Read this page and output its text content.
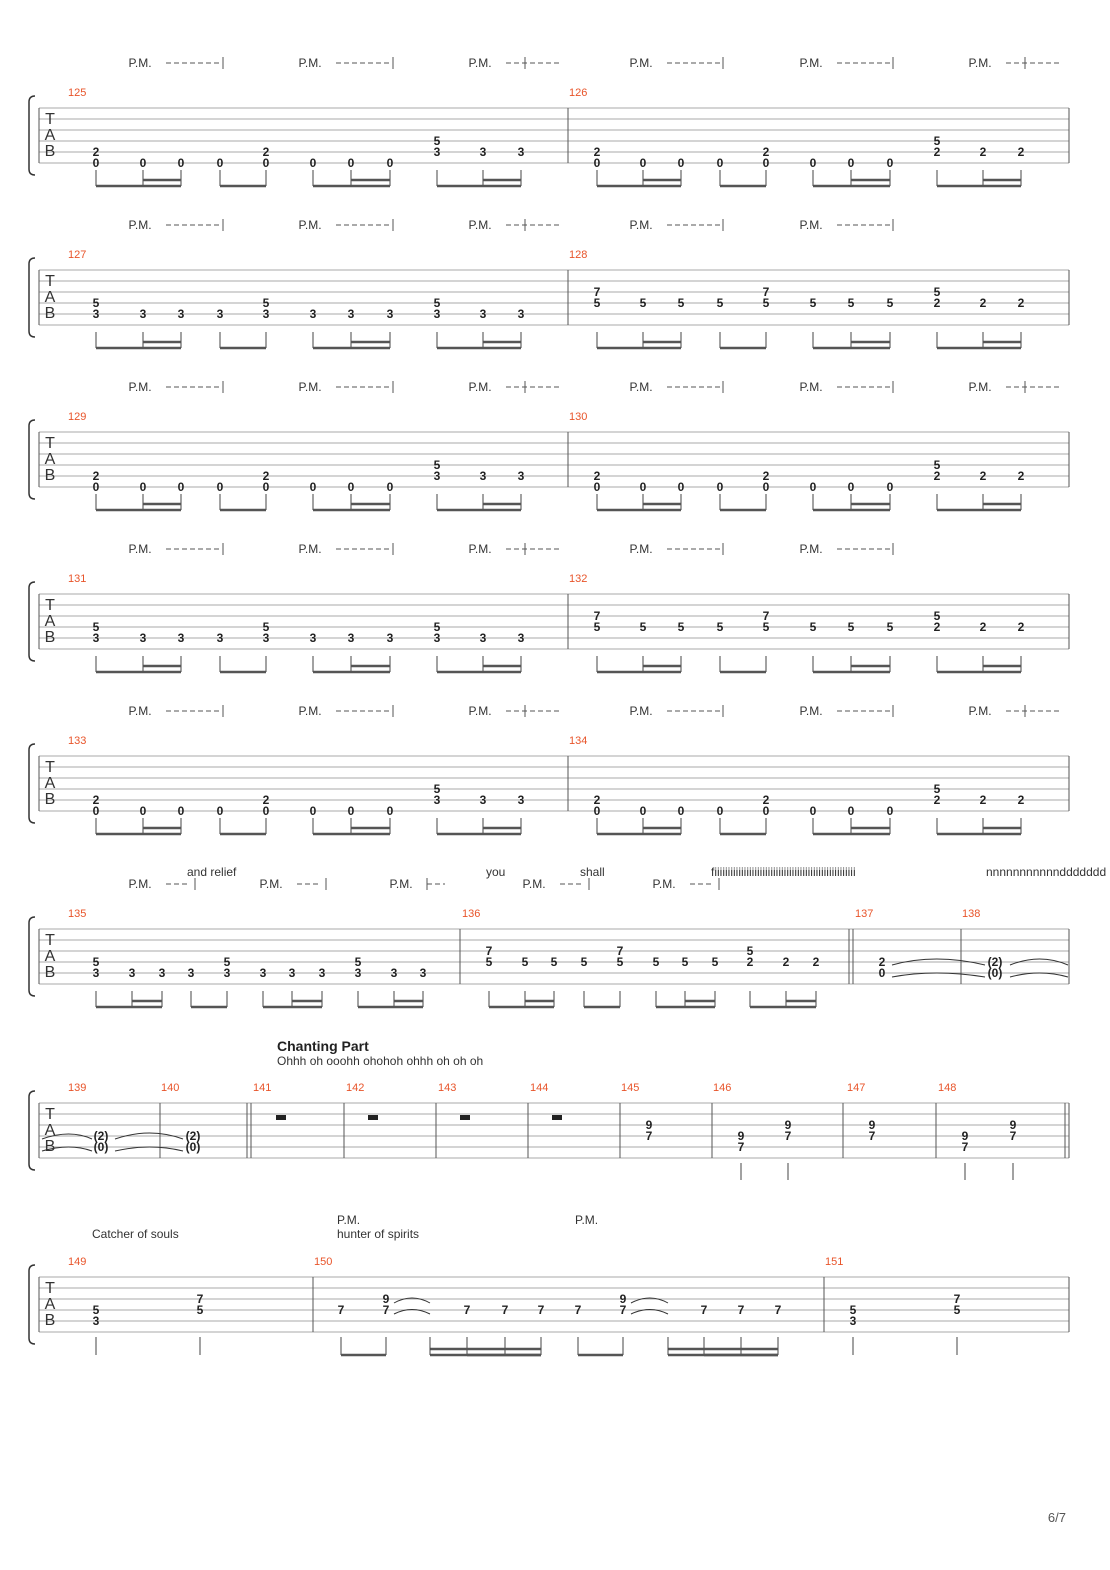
T
A
B
125	126
2
0	0	0	0
2
0	0	0	0
5
3	3	3	2
0	0	0	0
2
0	0	0	0
5
2	2	2
P.M.	P.M.	P.M.	P.M.	P.M.	P.M.
T
A
B
127	128
5
3	3	3	3
5
3	3	3	3
5
3	3	3
7
5	5	5	5
7
5	5	5	5
5
2	2	2
P.M.	P.M.	P.M.	P.M.	P.M.
T
A
B
129	130
2
0	0	0	0
2
0	0	0	0
5
3	3	3	2
0	0	0	0
2
0	0	0	0
5
2	2	2
P.M.	P.M.	P.M.	P.M.	P.M.	P.M.
T
A
B
131	132
5
3	3	3	3
5
3	3	3	3
5
3	3	3
7
5	5	5	5
7
5	5	5	5
5
2	2	2
P.M.	P.M.	P.M.	P.M.	P.M.
T
A
B
133	134
2
0	0	0	0
2
0	0	0	0
5
3	3	3	2
0	0	0	0
2
0	0	0	0
5
2	2	2
P.M.	P.M.	P.M.	P.M.	P.M.	P.M.
T
A
B
135	136	137	138
5
3 3 3 3
5
3 3 3 3
5
3 3 3
7
5 5 5 5
7
5 5 5 5
5
2 2 2	2
0
(2)
(0)
P.M.	P.M.	P.M.	P.M.	P.M.
and relief	you	shall	fiiiiiiiiiiiiiiiiiiiiiiiiiiiiiiiiiiiiiiiiiiiiiiiiiiiii	nnnnnnnnnnnddddddd
T
A
B
139	140	141	142	143	144	145	146	147	148
(2)
(0)
(2)
(0)
9
7	9
7
9
7
9
7	9
7
9
7
Chanting Part
Ohhh oh ooohh ohohoh ohhh oh oh oh
T
A
B
149	150	151
5
3
7
5	7
9
7	7	7 7	7
9
7	7	7	7	5
3
7
5
Catcher of souls	hunter of spirits
P.M.	P.M.
6/7
